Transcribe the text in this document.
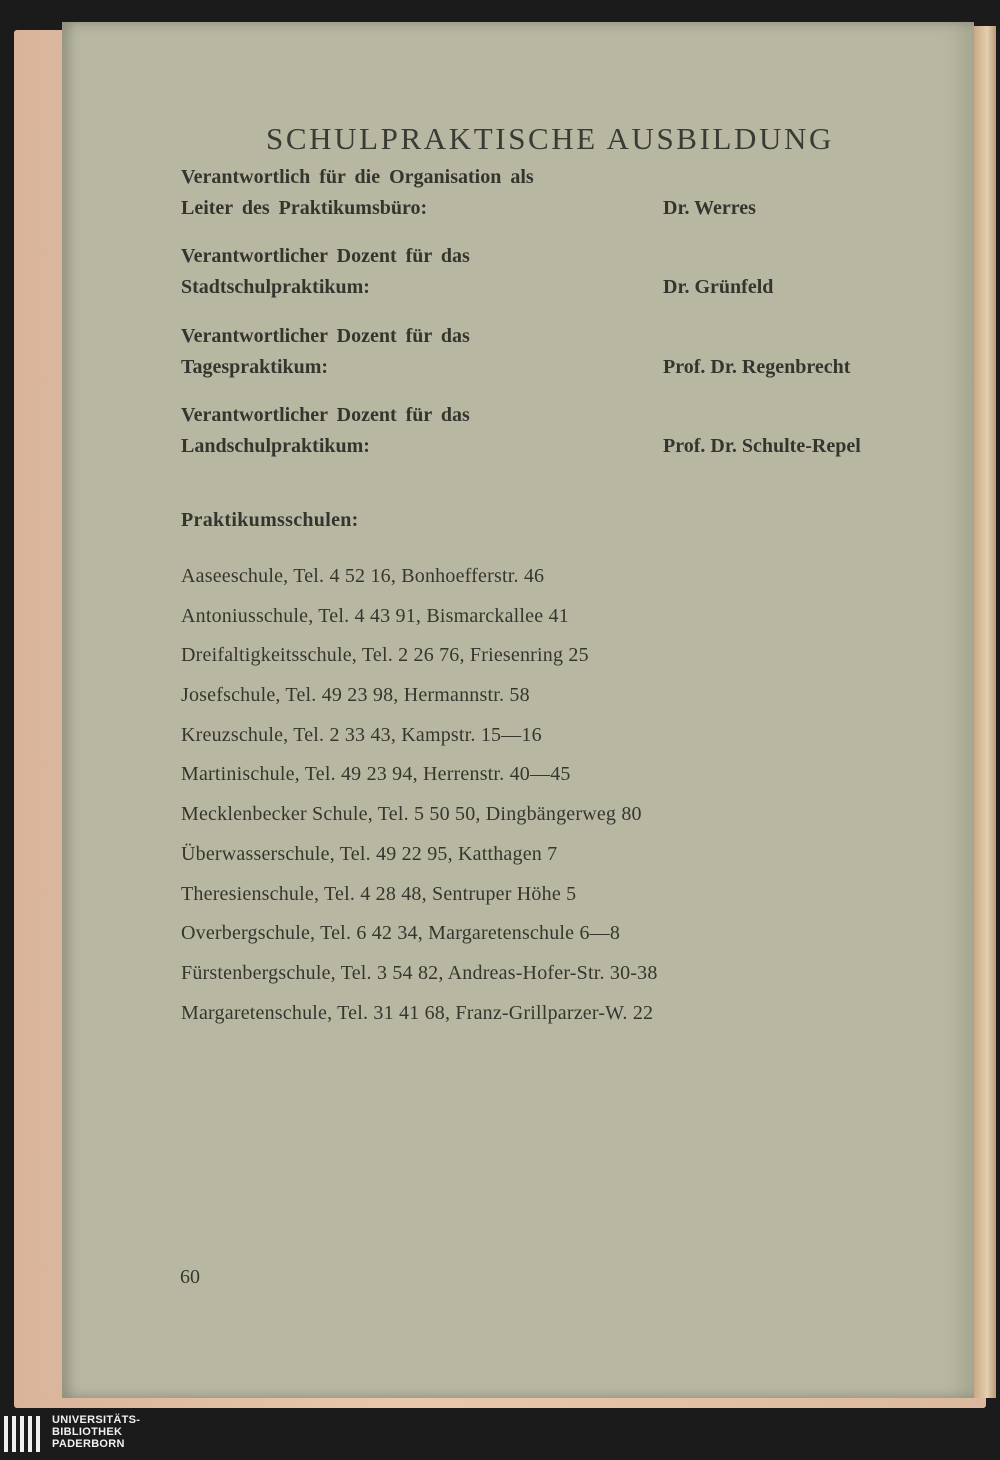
SCHULPRAKTISCHE AUSBILDUNG
Verantwortlich für die Organisation als
Leiter des Praktikumsbüro:	Dr. Werres
Verantwortlicher Dozent für das
Stadtschulpraktikum:	Dr. Grünfeld
Verantwortlicher Dozent für das
Tagespraktikum:	Prof. Dr. Regenbrecht
Verantwortlicher Dozent für das
Landschulpraktikum:	Prof. Dr. Schulte-Repel
Praktikumsschulen:
Aaseeschule, Tel. 4 52 16, Bonhoefferstr. 46
Antoniusschule, Tel. 4 43 91, Bismarckallee 41
Dreifaltigkeitsschule, Tel. 2 26 76, Friesenring 25
Josefschule, Tel. 49 23 98, Hermannstr. 58
Kreuzschule, Tel. 2 33 43, Kampstr. 15—16
Martinischule, Tel. 49 23 94, Herrenstr. 40—45
Mecklenbecker Schule, Tel. 5 50 50, Dingbängerweg 80
Überwasserschule, Tel. 49 22 95, Katthagen 7
Theresienschule, Tel. 4 28 48, Sentruper Höhe 5
Overbergschule, Tel. 6 42 34, Margaretenschule 6—8
Fürstenbergschule, Tel. 3 54 82, Andreas-Hofer-Str. 30-38
Margaretenschule, Tel. 31 41 68, Franz-Grillparzer-W. 22
60
UNIVERSITÄTS-
BIBLIOTHEK
PADERBORN
